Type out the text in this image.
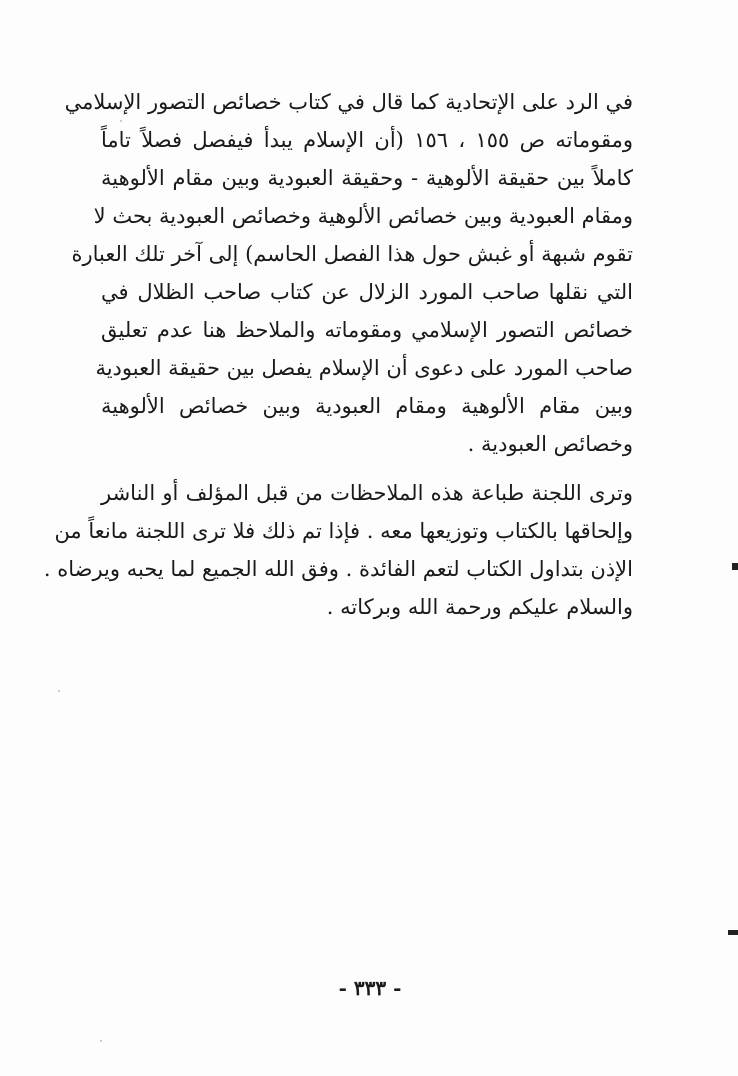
في الرد على الإتحادية كما قال في كتاب خصائص التصور الإسلامي
ومقوماته ص ١٥٥ ، ١٥٦ (أن الإسلام يبدأ فيفصل فصلاً تاماً
كاملاً بين حقيقة الألوهية - وحقيقة العبودية وبين مقام الألوهية
ومقام العبودية وبين خصائص الألوهية وخصائص العبودية بحث لا
تقوم شبهة أو غبش حول هذا الفصل الحاسم) إلى آخر تلك العبارة
التي نقلها صاحب المورد الزلال عن كتاب صاحب الظلال في
خصائص التصور الإسلامي ومقوماته والملاحظ هنا عدم تعليق
صاحب المورد على دعوى أن الإسلام يفصل بين حقيقة العبودية
وبين مقام الألوهية ومقام العبودية وبين خصائص الألوهية
وخصائص العبودية .
وترى اللجنة طباعة هذه الملاحظات من قبل المؤلف أو الناشر
وإلحاقها بالكتاب وتوزيعها معه . فإذا تم ذلك فلا ترى اللجنة مانعاً من
الإذن بتداول الكتاب لتعم الفائدة . وفق الله الجميع لما يحبه ويرضاه .
والسلام عليكم ورحمة الله وبركاته .
- ٣٣٣ -
